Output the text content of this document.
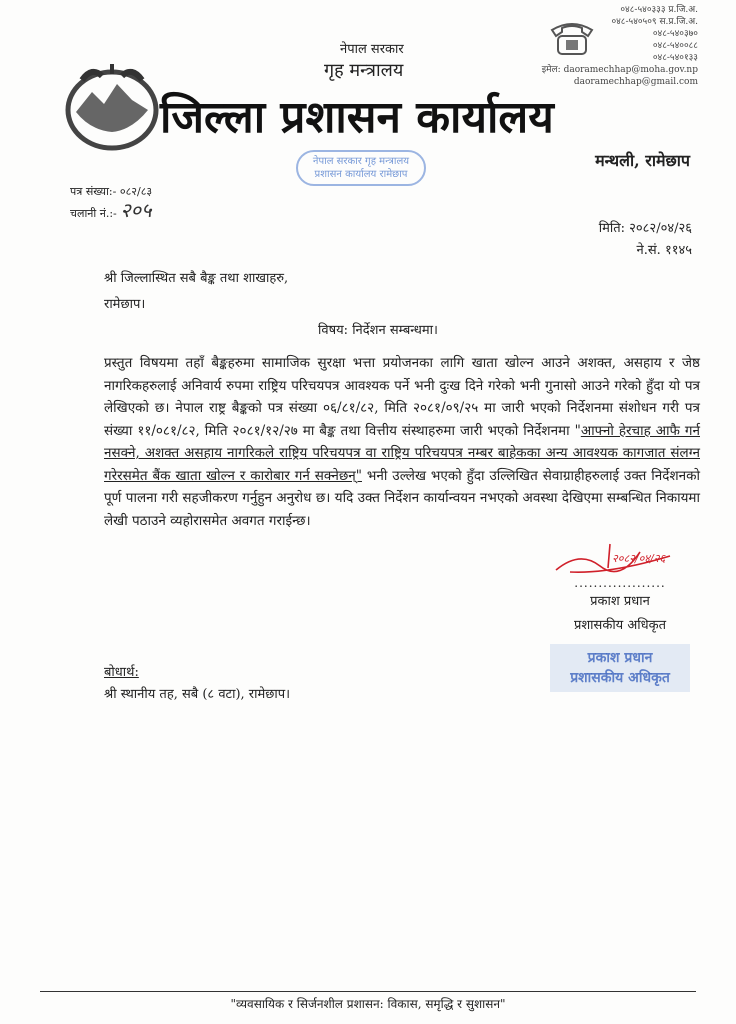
०४८-५४०३३३ प्र.जि.अ.
०४८-५४०५०९ स.प्र.जि.अ.
०४८-५४०३७०
०४८-५४००८८
०४८-५४०१३३
इमेल: daoramechhap@moha.gov.np
daoramechhap@gmail.com
नेपाल सरकार
गृह मन्त्रालय
जिल्ला प्रशासन कार्यालय
नेपाल सरकार गृह मन्त्रालय प्रशासन कार्यालय रामेछाप
मन्थली, रामेछाप
पत्र संख्या:- ०८२/८३
चलानी नं.:- २०५
मिति: २०८२/०४/२६
ने.सं. ११४५
श्री जिल्लास्थित सबै बैङ्क तथा शाखाहरु,
रामेछाप।
विषय: निर्देशन सम्बन्धमा।

प्रस्तुत विषयमा तहाँ बैङ्कहरुमा सामाजिक सुरक्षा भत्ता प्रयोजनका लागि खाता खोल्न आउने अशक्त, असहाय र जेष्ठ नागरिकहरुलाई अनिवार्य रुपमा राष्ट्रिय परिचयपत्र आवश्यक पर्ने भनी दुःख दिने गरेको भनी गुनासो आउने गरेको हुँदा यो पत्र लेखिएको छ। नेपाल राष्ट्र बैङ्कको पत्र संख्या ०६/८१/८२, मिति २०८१/०९/२५ मा जारी भएको निर्देशनमा संशोधन गरी पत्र संख्या ११/०८१/८२, मिति २०८१/१२/२७ मा बैङ्क तथा वित्तीय संस्थाहरुमा जारी भएको निर्देशनमा "आफ्नो हेरचाह आफै गर्न नसक्ने, अशक्त असहाय नागरिकले राष्ट्रिय परिचयपत्र वा राष्ट्रिय परिचयपत्र नम्बर बाहेकका अन्य आवश्यक कागजात संलग्न गरेरसमेत बैंक खाता खोल्न र कारोबार गर्न सक्नेछन्" भनी उल्लेख भएको हुँदा उल्लिखित सेवाग्राहीहरुलाई उक्त निर्देशनको पूर्ण पालना गरी सहजीकरण गर्नुहुन अनुरोध छ। यदि उक्त निर्देशन कार्यान्वयन नभएको अवस्था देखिएमा सम्बन्धित निकायमा लेखी पठाउने व्यहोरासमेत अवगत गराईन्छ।

२०८२/०४/२६
...................
प्रकाश प्रधान
प्रशासकीय अधिकृत
प्रकाश प्रधान
प्रशासकीय अधिकृत
बोधार्थ:
श्री स्थानीय तह, सबै (८ वटा), रामेछाप।
"व्यवसायिक र सिर्जनशील प्रशासन: विकास, समृद्धि र सुशासन"
